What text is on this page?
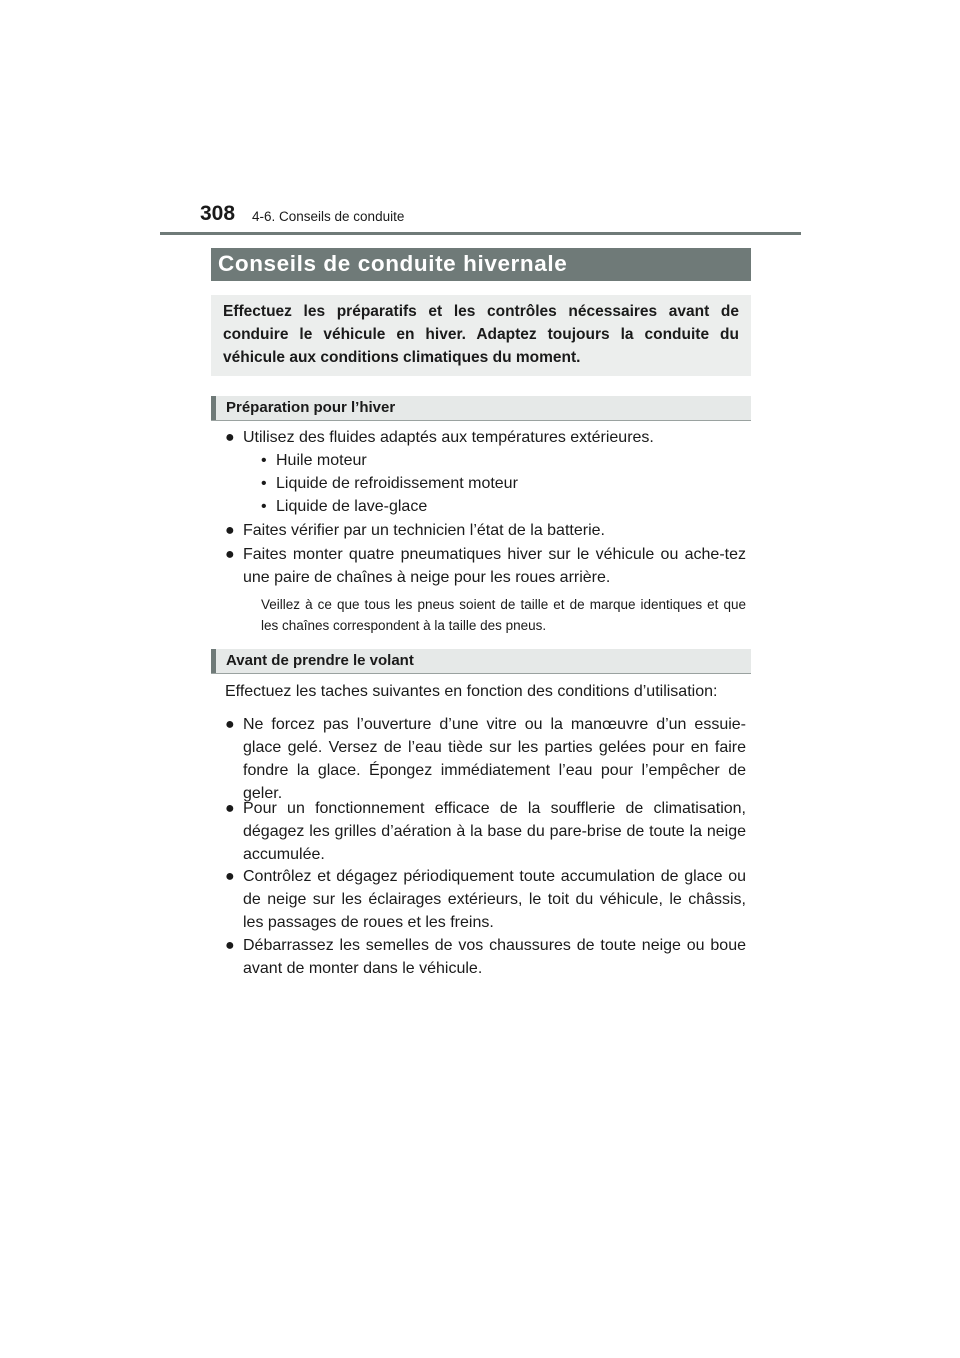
308 4-6. Conseils de conduite
Conseils de conduite hivernale
Effectuez les préparatifs et les contrôles nécessaires avant de conduire le véhicule en hiver. Adaptez toujours la conduite du véhicule aux conditions climatiques du moment.
Préparation pour l’hiver
● Utilisez des fluides adaptés aux températures extérieures.
• Huile moteur
• Liquide de refroidissement moteur
• Liquide de lave-glace
● Faites vérifier par un technicien l’état de la batterie.
● Faites monter quatre pneumatiques hiver sur le véhicule ou ache-tez une paire de chaînes à neige pour les roues arrière.
Veillez à ce que tous les pneus soient de taille et de marque identiques et que les chaînes correspondent à la taille des pneus.
Avant de prendre le volant
Effectuez les taches suivantes en fonction des conditions d’utilisation:
● Ne forcez pas l’ouverture d’une vitre ou la manœuvre d’un essuie-glace gelé. Versez de l’eau tiède sur les parties gelées pour en faire fondre la glace. Épongez immédiatement l’eau pour l’empêcher de geler.
● Pour un fonctionnement efficace de la soufflerie de climatisation, dégagez les grilles d’aération à la base du pare-brise de toute la neige accumulée.
● Contrôlez et dégagez périodiquement toute accumulation de glace ou de neige sur les éclairages extérieurs, le toit du véhicule, le châssis, les passages de roues et les freins.
● Débarrassez les semelles de vos chaussures de toute neige ou boue avant de monter dans le véhicule.
